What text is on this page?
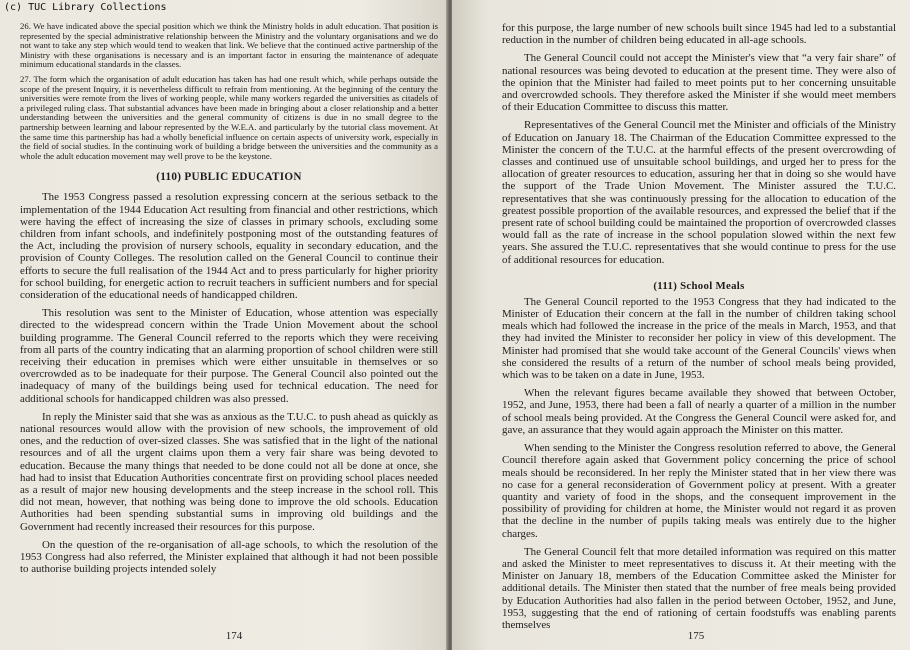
(c) TUC Library Collections

26. We have indicated above the special position which we think the Ministry holds in adult education. That position is represented by the special administrative relationship between the Ministry and the voluntary organisations and we do not want to take any step which would tend to weaken that link. We believe that the continued active partnership of the Ministry with these organisations is necessary and is an important factor in ensuring the maintenance of adequate minimum educational standards in the classes.

27. The form which the organisation of adult education has taken has had one result which, while perhaps outside the scope of the present Inquiry, it is nevertheless difficult to refrain from mentioning. At the beginning of the century the universities were remote from the lives of working people, while many workers regarded the universities as citadels of a privileged ruling class. That substantial advances have been made in bringing about a closer relationship and a better understanding between the universities and the general community of citizens is due in no small degree to the partnership between learning and labour represented by the W.E.A. and particularly by the tutorial class movement. At the same time this partnership has had a wholly beneficial influence on certain aspects of university work, especially in the field of social studies. In the continuing work of building a bridge between the universities and the community as a whole the adult education movement may well prove to be the keystone.

(110) PUBLIC EDUCATION

The 1953 Congress passed a resolution expressing concern at the serious setback to the implementation of the 1944 Education Act resulting from financial and other restrictions, which were having the effect of increasing the size of classes in primary schools, excluding some children from infant schools, and indefinitely postponing most of the outstanding features of the Act, including the provision of nursery schools, equality in secondary education, and the provision of County Colleges. The resolution called on the General Council to continue their efforts to secure the full realisation of the 1944 Act and to press particularly for higher priority for school building, for energetic action to recruit teachers in sufficient numbers and for special consideration of the educational needs of handicapped children.

This resolution was sent to the Minister of Education, whose attention was especially directed to the widespread concern within the Trade Union Movement about the school building programme. The General Council referred to the reports which they were receiving from all parts of the country indicating that an alarming proportion of school children were still receiving their education in premises which were either unsuitable in themselves or so overcrowded as to be inadequate for their purpose. The General Council also pointed out the inadequacy of many of the buildings being used for technical education. The need for additional schools for handicapped children was also pressed.

In reply the Minister said that she was as anxious as the T.U.C. to push ahead as quickly as national resources would allow with the provision of new schools, the improvement of old ones, and the reduction of over-sized classes. She was satisfied that in the light of the national resources and of all the urgent claims upon them a very fair share was being devoted to education. Because the many things that needed to be done could not all be done at once, she had had to insist that Education Authorities concentrate first on providing school places needed as a result of major new housing developments and the steep increase in the school roll. This did not mean, however, that nothing was being done to improve the old schools. Education Authorities had been spending substantial sums in improving old buildings and the Government had recently increased their resources for this purpose.

On the question of the re-organisation of all-age schools, to which the resolution of the 1953 Congress had also referred, the Minister explained that although it had not been possible to authorise building projects intended solely

174

for this purpose, the large number of new schools built since 1945 had led to a substantial reduction in the number of children being educated in all-age schools.

The General Council could not accept the Minister's view that “a very fair share” of national resources was being devoted to education at the present time. They were also of the opinion that the Minister had failed to meet points put to her concerning unsuitable and overcrowded schools. They therefore asked the Minister if she would meet members of their Education Committee to discuss this matter.

Representatives of the General Council met the Minister and officials of the Ministry of Education on January 18. The Chairman of the Education Committee expressed to the Minister the concern of the T.U.C. at the harmful effects of the present overcrowding of classes and continued use of unsuitable school buildings, and urged her to press for the allocation of greater resources to education, assuring her that in doing so she would have the support of the Trade Union Movement. The Minister assured the T.U.C. representatives that she was continuously pressing for the allocation to education of the greatest possible proportion of the available resources, and expressed the belief that if the present rate of school building could be maintained the proportion of overcrowded classes would fall as the rate of increase in the school population slowed within the next few years. She assured the T.U.C. representatives that she would continue to press for the use of additional resources for education.

(111) School Meals

The General Council reported to the 1953 Congress that they had indicated to the Minister of Education their concern at the fall in the number of children taking school meals which had followed the increase in the price of the meals in March, 1953, and that they had invited the Minister to reconsider her policy in view of this development. The Minister had promised that she would take account of the General Councils' views when she considered the results of a return of the number of school meals being provided, which was to be taken on a date in June, 1953.

When the relevant figures became available they showed that between October, 1952, and June, 1953, there had been a fall of nearly a quarter of a million in the number of school meals being provided. At the Congress the General Council were asked for, and gave, an assurance that they would again approach the Minister on this matter.

When sending to the Minister the Congress resolution referred to above, the General Council therefore again asked that Government policy concerning the price of school meals should be reconsidered. In her reply the Minister stated that in her view there was no case for a general reconsideration of Government policy at present. With a greater quantity and variety of food in the shops, and the consequent improvement in the possibility of providing for children at home, the Minister would not regard it as proven that the decline in the number of pupils taking meals was entirely due to the higher charges.

The General Council felt that more detailed information was required on this matter and asked the Minister to meet representatives to discuss it. At their meeting with the Minister on January 18, members of the Education Committee asked the Minister for additional details. The Minister then stated that the number of free meals being provided by Education Authorities had also fallen in the period between October, 1952, and June, 1953, suggesting that the end of rationing of certain foodstuffs was enabling parents themselves

175
